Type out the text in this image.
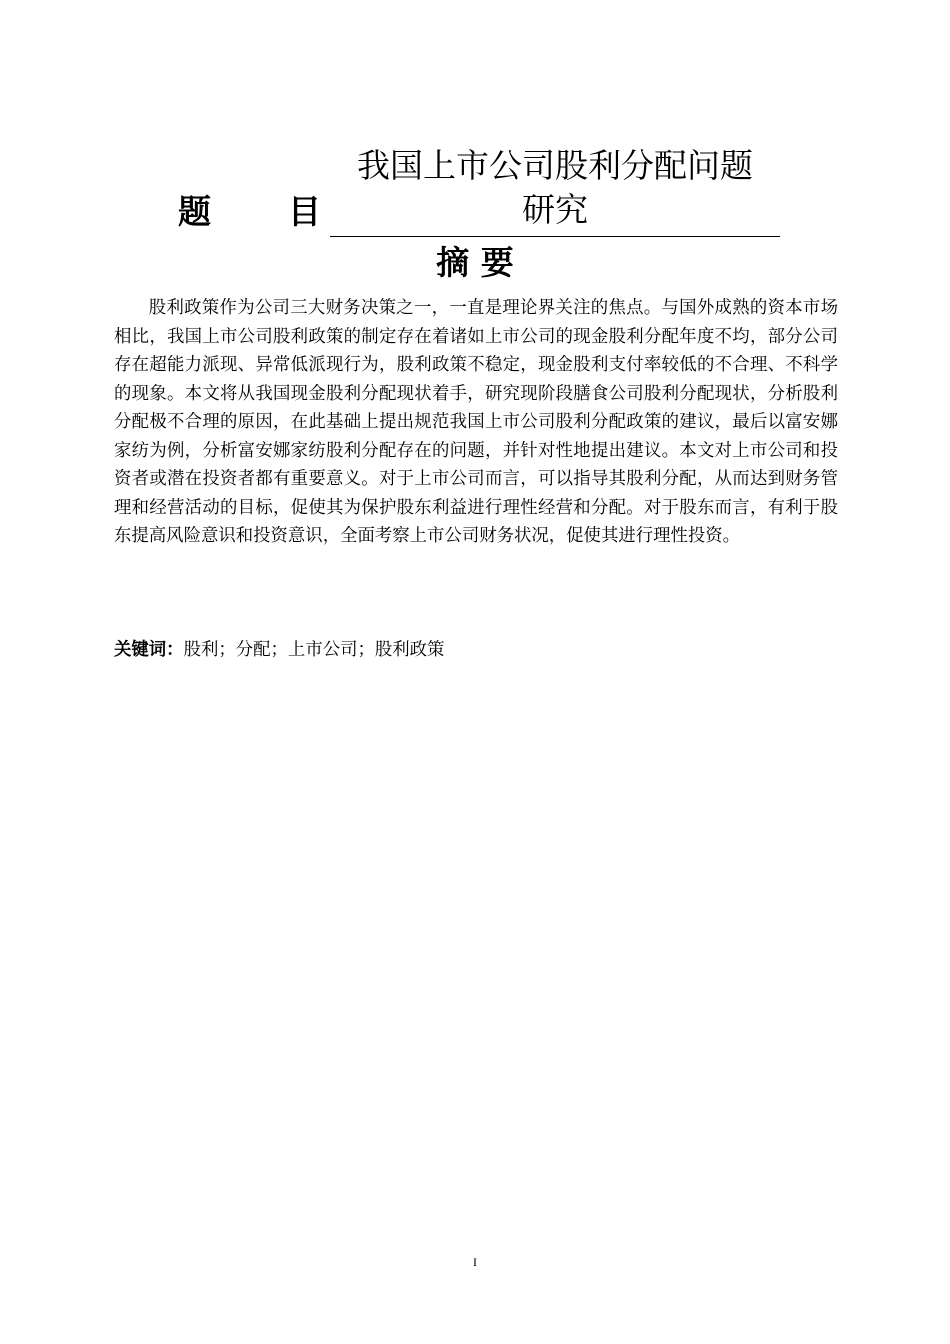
题 目
我国上市公司股利分配问题
研究
摘 要

股利政策作为公司三大财务决策之一，一直是理论界关注的焦点。与国外成熟的资本市场相比，我国上市公司股利政策的制定存在着诸如上市公司的现金股利分配年度不均，部分公司存在超能力派现、异常低派现行为，股利政策不稳定，现金股利支付率较低的不合理、不科学的现象。本文将从我国现金股利分配现状着手，研究现阶段膳食公司股利分配现状，分析股利分配极不合理的原因，在此基础上提出规范我国上市公司股利分配政策的建议，最后以富安娜家纺为例，分析富安娜家纺股利分配存在的问题，并针对性地提出建议。本文对上市公司和投资者或潜在投资者都有重要意义。对于上市公司而言，可以指导其股利分配，从而达到财务管理和经营活动的目标，促使其为保护股东利益进行理性经营和分配。对于股东而言，有利于股东提高风险意识和投资意识，全面考察上市公司财务状况，促使其进行理性投资。

关键词：股利；分配；上市公司；股利政策
I
